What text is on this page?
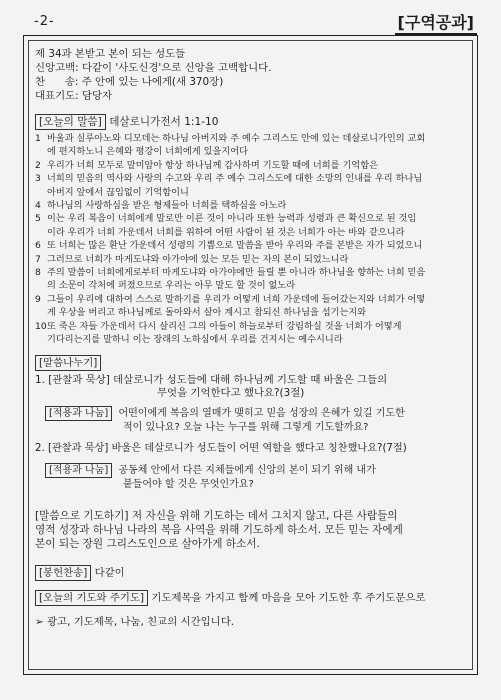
-2-	[구역공과]
제 34과 본받고 본이 되는 성도들
신앙고백: 다같이 '사도신경'으로 신앙을 고백합니다.
찬      송: 주 안에 있는 나에게(새 370장)
대표기도: 담당자
[오늘의 말씀] 데살로니가전서 1:1-10
1 바울과 실루아노와 디모데는 하나님 아버지와 주 예수 그리스도 안에 있는 데살로니가인의 교회
에 편지하노니 은혜와 평강이 너희에게 있을지어다
2 우리가 너희 모두로 말미암아 항상 하나님께 감사하며 기도할 때에 너희를 기억함은
3 너희의 믿음의 역사와 사랑의 수고와 우리 주 예수 그리스도에 대한 소망의 인내를 우리 하나님
아버지 앞에서 끊임없이 기억함이니
4 하나님의 사랑하심을 받은 형제들아 너희를 택하심을 아노라
5 이는 우리 복음이 너희에게 말로만 이른 것이 아니라 또한 능력과 성령과 큰 확신으로 된 것임
이라 우리가 너희 가운데서 너희를 위하여 어떤 사람이 된 것은 너희가 아는 바와 같으니라
6 또 너희는 많은 환난 가운데서 성령의 기쁨으로 말씀을 받아 우리와 주를 본받은 자가 되었으니
7 그러므로 너희가 마게도냐와 아가야에 있는 모든 믿는 자의 본이 되었느니라
8 주의 말씀이 너희에게로부터 마게도냐와 아가야에만 들릴 뿐 아니라 하나님을 향하는 너희 믿음
의 소문이 각처에 퍼졌으므로 우리는 아무 말도 할 것이 없노라
9 그들이 우리에 대하여 스스로 말하기를 우리가 어떻게 너희 가운데에 들어갔는지와 너희가 어떻
게 우상을 버리고 하나님께로 돌아와서 살아 계시고 참되신 하나님을 섬기는지와
10또 죽은 자들 가운데서 다시 살리신 그의 아들이 하늘로부터 강림하실 것을 너희가 어떻게
기다리는지를 말하니 이는 장래의 노하심에서 우리를 건지시는 예수시니라
[말씀나누기]
1. [관찰과 묵상] 데살로니가 성도들에 대해 하나님께 기도할 때 바울은 그들의
무엇을 기억한다고 했나요?(3절)
[적용과 나눔] 어떤이에게 복음의 열매가 맺히고 믿음 성장의 은혜가 있길 기도한
적이 있나요? 오늘 나는 누구를 위해 그렇게 기도할까요?
2. [관찰과 묵상] 바울은 데살로니가 성도들이 어떤 역할을 했다고 칭찬했나요?(7절)
[적용과 나눔] 공동체 안에서 다른 지체들에게 신앙의 본이 되기 위해 내가
붙들어야 할 것은 무엇인가요?
[말씀으로 기도하기] 저 자신을 위해 기도하는 데서 그치지 않고, 다른 사람들의
영적 성장과 하나님 나라의 복음 사역을 위해 기도하게 하소서. 모든 믿는 자에게
본이 되는 장원 그리스도인으로 살아가게 하소서.
[봉헌찬송] 다같이
[오늘의 기도와 주기도] 기도제목을 가지고 함께 마음을 모아 기도한 후 주기도문으로
➢ 광고, 기도제목, 나눔, 친교의 시간입니다.
